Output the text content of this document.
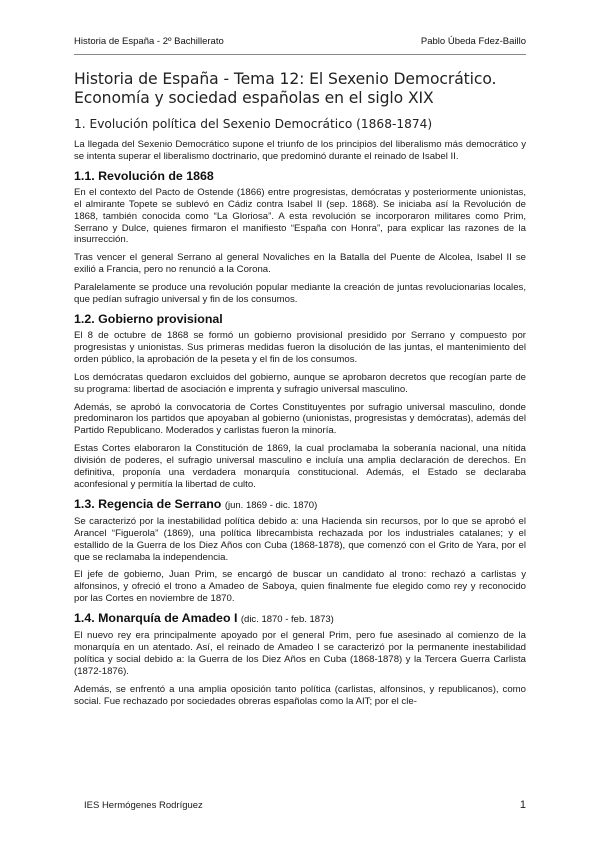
Historia de España - 2º Bachillerato	Pablo Úbeda Fdez-Baillo
Historia de España - Tema 12: El Sexenio Democrático. Economía y sociedad españolas en el siglo XIX
1. Evolución política del Sexenio Democrático (1868-1874)

La llegada del Sexenio Democrático supone el triunfo de los principios del liberalismo más democrático y se intenta superar el liberalismo doctrinario, que predominó durante el reinado de Isabel II.

1.1. Revolución de 1868

En el contexto del Pacto de Ostende (1866) entre progresistas, demócratas y posteriormente unionistas, el almirante Topete se sublevó en Cádiz contra Isabel II (sep. 1868). Se iniciaba así la Revolución de 1868, también conocida como “La Gloriosa”. A esta revolución se incorporaron militares como Prim, Serrano y Dulce, quienes firmaron el manifiesto “España con Honra”, para explicar las razones de la insurrección.

Tras vencer el general Serrano al general Novaliches en la Batalla del Puente de Alcolea, Isabel II se exilió a Francia, pero no renunció a la Corona.

Paralelamente se produce una revolución popular mediante la creación de juntas revolucionarias locales, que pedían sufragio universal y fin de los consumos.

1.2. Gobierno provisional

El 8 de octubre de 1868 se formó un gobierno provisional presidido por Serrano y compuesto por progresistas y unionistas. Sus primeras medidas fueron la disolución de las juntas, el mantenimiento del orden público, la aprobación de la peseta y el fin de los consumos.

Los demócratas quedaron excluidos del gobierno, aunque se aprobaron decretos que recogían parte de su programa: libertad de asociación e imprenta y sufragio universal masculino.

Además, se aprobó la convocatoria de Cortes Constituyentes por sufragio universal masculino, donde predominaron los partidos que apoyaban al gobierno (unionistas, progresistas y demócratas), además del Partido Republicano. Moderados y carlistas fueron la minoría.

Estas Cortes elaboraron la Constitución de 1869, la cual proclamaba la soberanía nacional, una nítida división de poderes, el sufragio universal masculino e incluía una amplia declaración de derechos. En definitiva, proponía una verdadera monarquía constitucional. Además, el Estado se declaraba aconfesional y permitía la libertad de culto.

1.3. Regencia de Serrano (jun. 1869 - dic. 1870)

Se caracterizó por la inestabilidad política debido a: una Hacienda sin recursos, por lo que se aprobó el Arancel “Figuerola” (1869), una política librecambista rechazada por los industriales catalanes; y el estallido de la Guerra de los Diez Años con Cuba (1868-1878), que comenzó con el Grito de Yara, por el que se reclamaba la independencia.

El jefe de gobierno, Juan Prim, se encargó de buscar un candidato al trono: rechazó a carlistas y alfonsinos, y ofreció el trono a Amadeo de Saboya, quien finalmente fue elegido como rey y reconocido por las Cortes en noviembre de 1870.

1.4. Monarquía de Amadeo I (dic. 1870 - feb. 1873)

El nuevo rey era principalmente apoyado por el general Prim, pero fue asesinado al comienzo de la monarquía en un atentado. Así, el reinado de Amadeo I se caracterizó por la permanente inestabilidad política y social debido a: la Guerra de los Diez Años en Cuba (1868-1878) y la Tercera Guerra Carlista (1872-1876).

Además, se enfrentó a una amplia oposición tanto política (carlistas, alfonsinos, y republicanos), como social. Fue rechazado por sociedades obreras españolas como la AIT; por el cle-

IES Hermógenes Rodríguez	1
